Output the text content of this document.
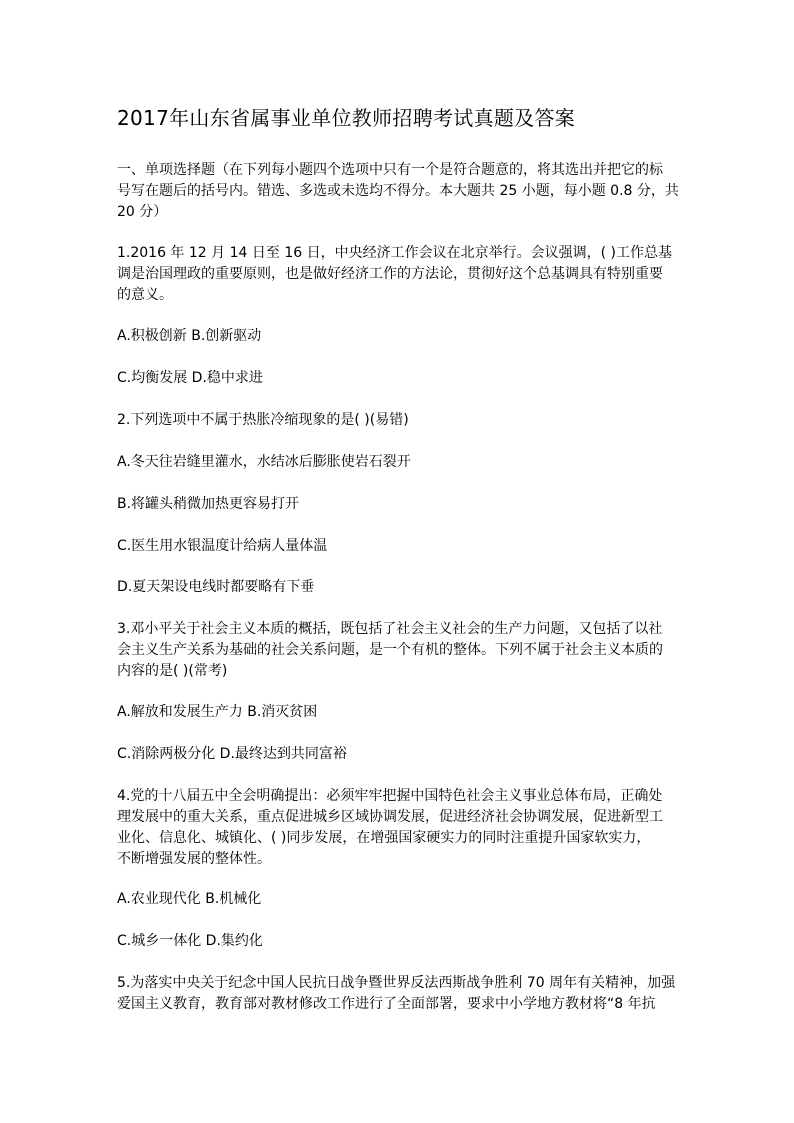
2017年山东省属事业单位教师招聘考试真题及答案

一、单项选择题（在下列每小题四个选项中只有一个是符合题意的，将其选出并把它的标
号写在题后的括号内。错选、多选或未选均不得分。本大题共 25 小题，每小题 0.8 分，共
20 分）

1.2016 年 12 月 14 日至 16 日，中央经济工作会议在北京举行。会议强调，( )工作总基
调是治国理政的重要原则，也是做好经济工作的方法论，贯彻好这个总基调具有特别重要
的意义。

A.积极创新 B.创新驱动

C.均衡发展 D.稳中求进

2.下列选项中不属于热胀冷缩现象的是( )(易错)

A.冬天往岩缝里灌水，水结冰后膨胀使岩石裂开

B.将罐头稍微加热更容易打开

C.医生用水银温度计给病人量体温

D.夏天架设电线时都要略有下垂

3.邓小平关于社会主义本质的概括，既包括了社会主义社会的生产力问题，又包括了以社
会主义生产关系为基础的社会关系问题，是一个有机的整体。下列不属于社会主义本质的
内容的是( )(常考)

A.解放和发展生产力 B.消灭贫困

C.消除两极分化 D.最终达到共同富裕

4.党的十八届五中全会明确提出：必须牢牢把握中国特色社会主义事业总体布局，正确处
理发展中的重大关系，重点促进城乡区域协调发展，促进经济社会协调发展，促进新型工
业化、信息化、城镇化、( )同步发展，在增强国家硬实力的同时注重提升国家软实力，
不断增强发展的整体性。

A.农业现代化 B.机械化

C.城乡一体化 D.集约化

5.为落实中央关于纪念中国人民抗日战争暨世界反法西斯战争胜利 70 周年有关精神，加强
爱国主义教育，教育部对教材修改工作进行了全面部署，要求中小学地方教材将“8 年抗
